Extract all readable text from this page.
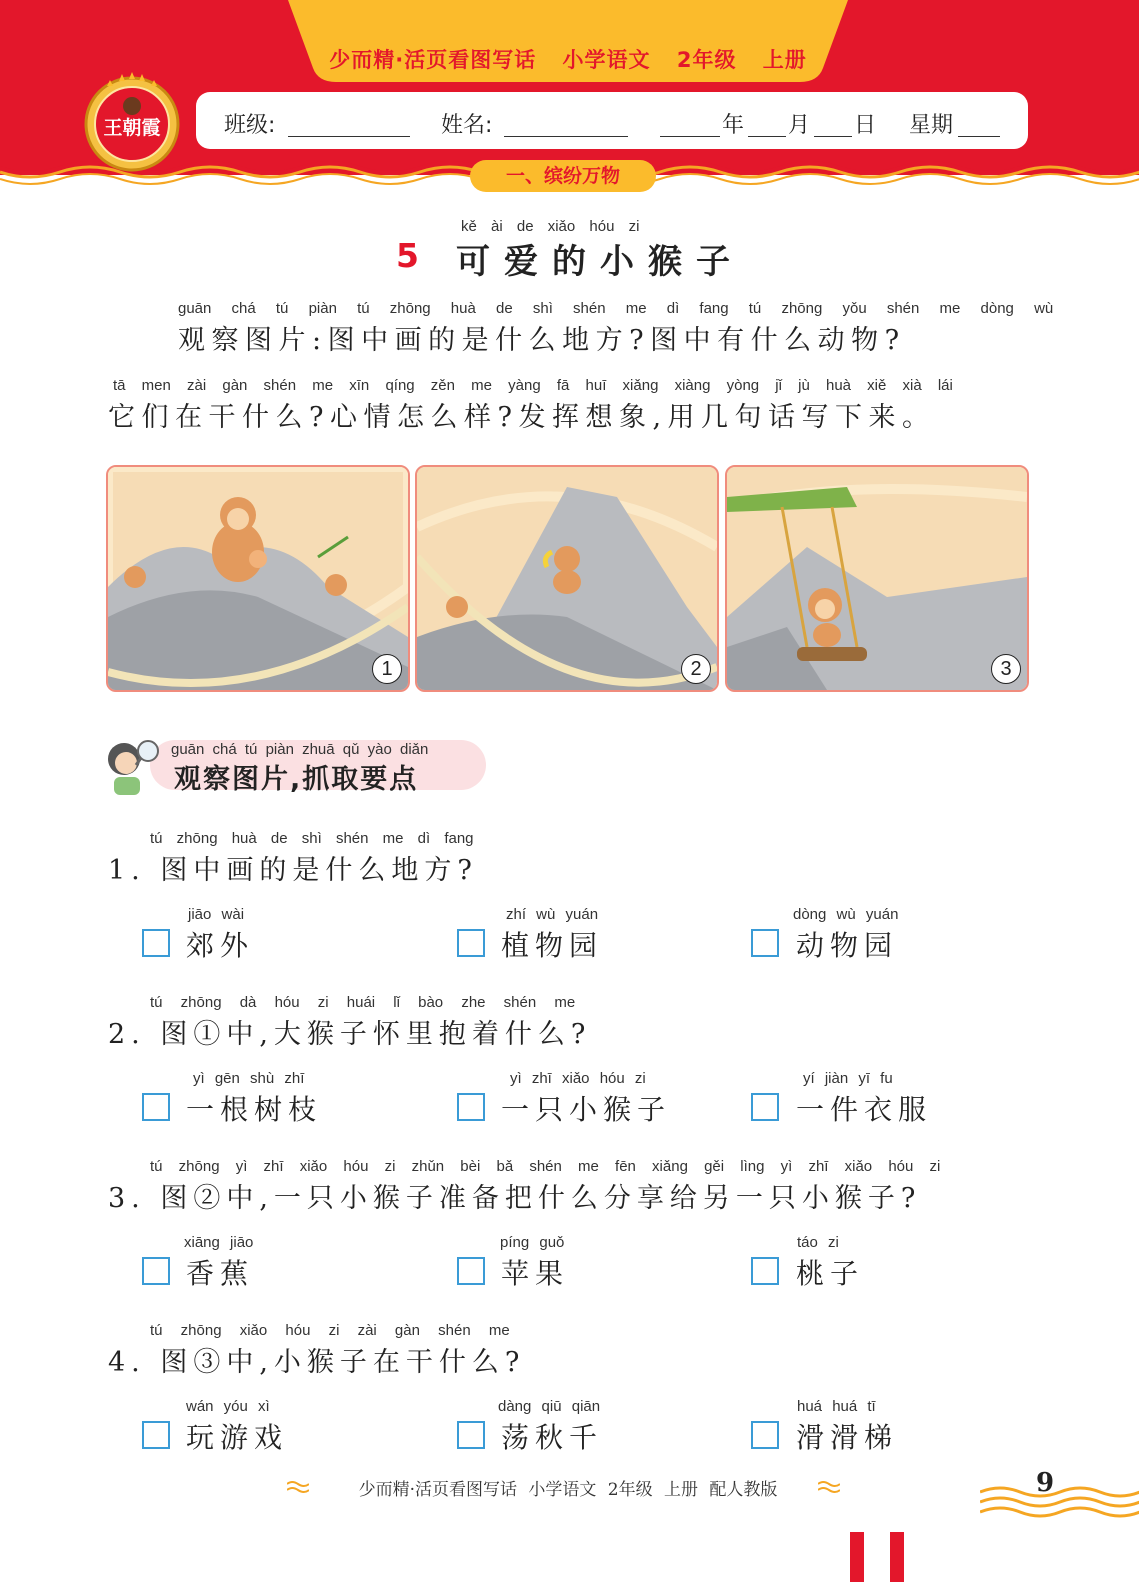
少而精·活页看图写话 小学语文 2年级 上册
王朝霞	班级:	姓名:	年 月 日 星期
一、缤纷万物
kě ài de xiǎo hóu zi
5 可爱的小猴子
guān chá tú piàn tú zhōng huà de shì shén me dì fang tú zhōng yǒu shén me dòng wù
观察图片:图中画的是什么地方?图中有什么动物?
tā men zài gàn shén me xīn qíng zěn me yàng fā huī xiǎng xiàng yòng jǐ jù huà xiě xià lái
它们在干什么?心情怎么样?发挥想象,用几句话写下来。
1	2	3
guān chá tú piàn zhuā qǔ yào diǎn
观察图片,抓取要点
tú zhōng huà de shì shén me dì fang
1. 图中画的是什么地方?
jiāo wài
郊外
zhí wù yuán
植物园
dòng wù yuán
动物园
tú zhōng dà hóu zi huái lǐ bào zhe shén me
2. 图①中,大猴子怀里抱着什么?
yì gēn shù zhī
一根树枝
yì zhī xiǎo hóu zi
一只小猴子
yí jiàn yī fu
一件衣服
tú zhōng yì zhī xiǎo hóu zi zhǔn bèi bǎ shén me fēn xiǎng gěi lìng yì zhī xiǎo hóu zi
3. 图②中,一只小猴子准备把什么分享给另一只小猴子?
xiāng jiāo
香蕉
píng guǒ
苹果
táo zi
桃子
tú zhōng xiǎo hóu zi zài gàn shén me
4. 图③中,小猴子在干什么?
wán yóu xì
玩游戏
dàng qiū qiān
荡秋千
huá huá tī
滑滑梯
少而精·活页看图写话 小学语文 2年级 上册 配人教版	9
